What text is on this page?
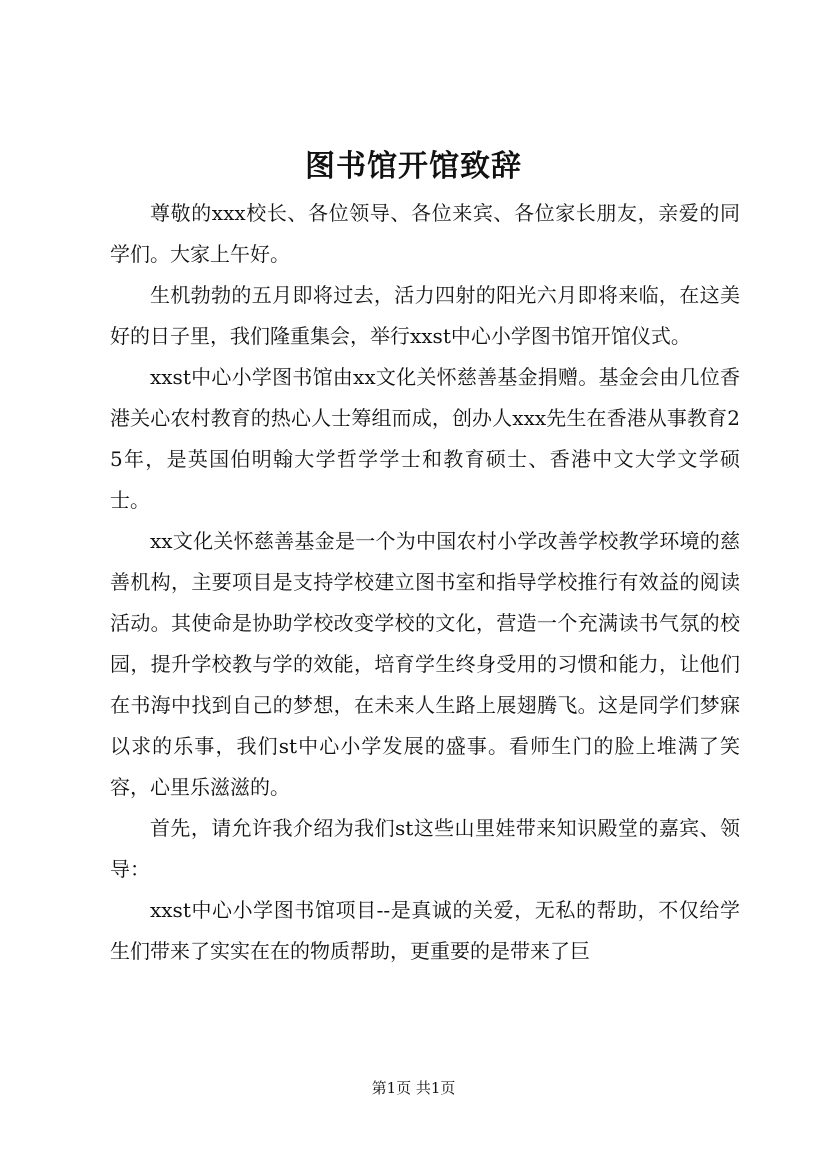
图书馆开馆致辞

尊敬的xxx校长、各位领导、各位来宾、各位家长朋友，亲爱的同学们。大家上午好。

生机勃勃的五月即将过去，活力四射的阳光六月即将来临，在这美好的日子里，我们隆重集会，举行xxst中心小学图书馆开馆仪式。

xxst中心小学图书馆由xx文化关怀慈善基金捐赠。基金会由几位香港关心农村教育的热心人士筹组而成，创办人xxx先生在香港从事教育25年，是英国伯明翰大学哲学学士和教育硕士、香港中文大学文学硕士。

xx文化关怀慈善基金是一个为中国农村小学改善学校教学环境的慈善机构，主要项目是支持学校建立图书室和指导学校推行有效益的阅读活动。其使命是协助学校改变学校的文化，营造一个充满读书气氛的校园，提升学校教与学的效能，培育学生终身受用的习惯和能力，让他们在书海中找到自己的梦想，在未来人生路上展翅腾飞。这是同学们梦寐以求的乐事，我们st中心小学发展的盛事。看师生门的脸上堆满了笑容，心里乐滋滋的。

首先，请允许我介绍为我们st这些山里娃带来知识殿堂的嘉宾、领导：

xxst中心小学图书馆项目--是真诚的关爱，无私的帮助，不仅给学生们带来了实实在在的物质帮助，更重要的是带来了巨

第1页 共1页
